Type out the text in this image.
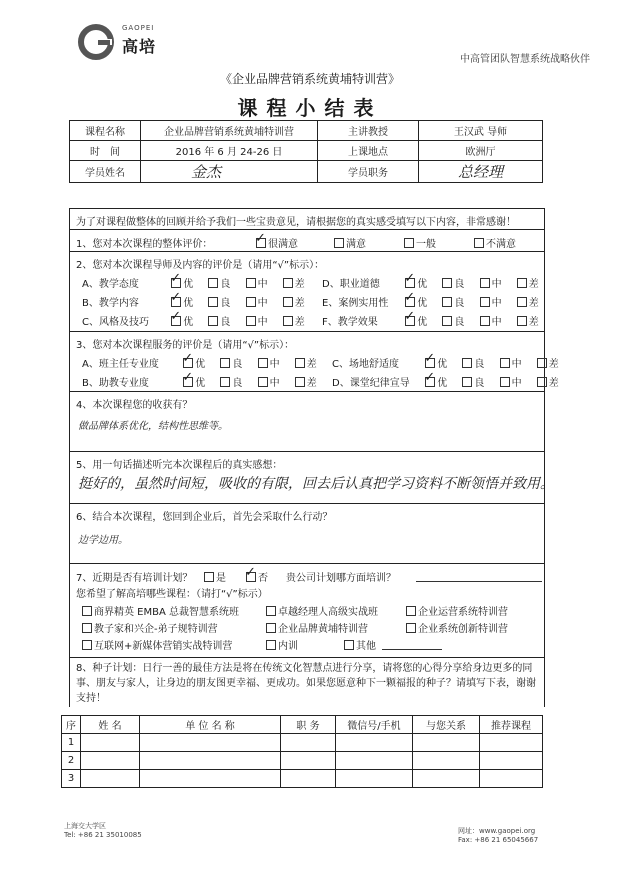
GAOPEI
高培
中高管团队智慧系统战略伙伴
《企业品牌营销系统黄埔特训营》
课程小结表
课程名称	企业品牌营销系统黄埔特训营	主讲教授	王汉武 导师
时　间	2016 年 6 月 24-26 日	上课地点	欧洲厅
学员姓名	金杰	学员职务	总经理
为了对课程做整体的回顾并给予我们一些宝贵意见，请根据您的真实感受填写以下内容，非常感谢！
1、您对本次课程的整体评价： ✓	很满意	满意	一般	不满意
2、您对本次课程导师及内容的评价是（请用“√”标示）：
A、教学态度 ✓	优	良	中	差
B、教学内容 ✓	优	良	中	差
C、风格及技巧 ✓	优	良	中	差
D、职业道德 ✓	优	良	中	差
E、案例实用性 ✓	优	良	中	差
F、教学效果 ✓	优	良	中	差
3、您对本次课程服务的评价是（请用“√”标示）：
A、班主任专业度 ✓	优	良	中	差
B、助教专业度 ✓	优	良	中	差
C、场地舒适度 ✓	优	良	中	差
D、课堂纪律宣导 ✓	优	良	中	差
4、本次课程您的收获有？
做品牌体系优化，结构性思维等。
5、用一句话描述听完本次课程后的真实感想：
挺好的，虽然时间短，吸收的有限，回去后认真把学习资料不断领悟并致用。
6、结合本次课程，您回到企业后，首先会采取什么行动？
边学边用。
7、近期是否有培训计划？	是 ✓	否 贵公司计划哪方面培训？
您希望了解高培哪些课程：（请打“√”标示）
商界精英 EMBA 总裁智慧系统班	卓越经理人高级实战班	企业运营系统特训营
教子家和兴企-弟子规特训营	企业品牌黄埔特训营	企业系统创新特训营
互联网+新媒体营销实战特训营	内训	其他
8、种子计划：日行一善的最佳方法是将在传统文化智慧点进行分享，请将您的心得分享给身边更多的同事、朋友与家人，让身边的朋友图更幸福、更成功。如果您愿意种下一颗福报的种子？请填写下表，谢谢支持！
序	姓 名	单 位 名 称	职 务	微信号/手机	与您关系	推荐课程
1						
2						
3						
上海交大学区
Tel: +86 21 35010085	网址：www.gaopei.org
Fax: +86 21 65045667
